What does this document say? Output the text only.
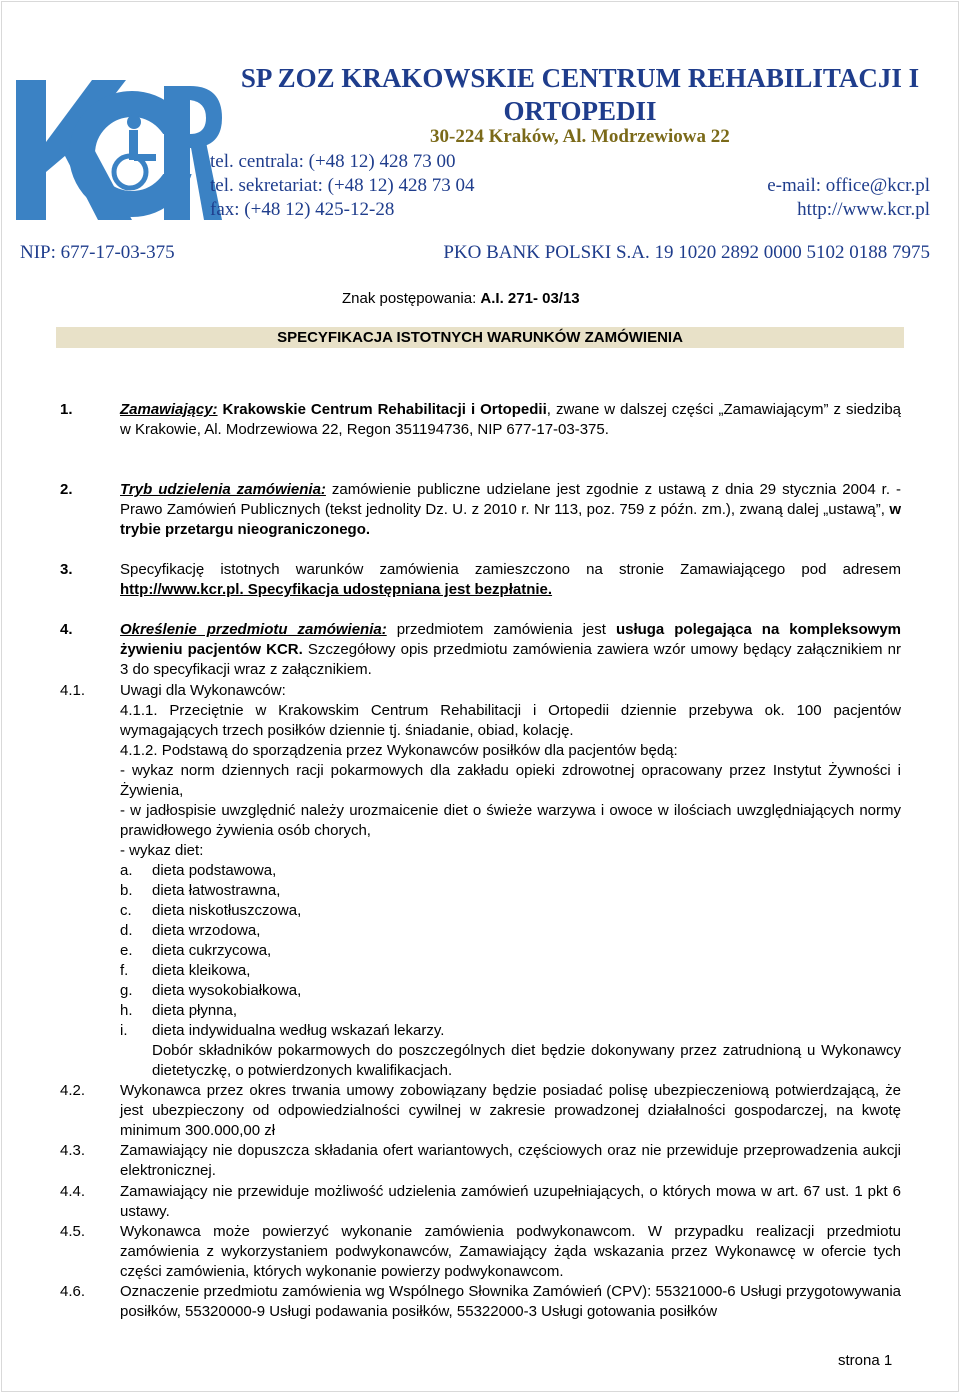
SP ZOZ KRAKOWSKIE CENTRUM REHABILITACJI I
ORTOPEDII
30-224 Kraków, Al. Modrzewiowa 22
tel. centrala: (+48 12) 428 73 00
tel. sekretariat: (+48 12) 428 73 04
fax: (+48 12) 425-12-28
e-mail: office@kcr.pl
http://www.kcr.pl
NIP: 677-17-03-375	PKO BANK POLSKI S.A. 19 1020 2892 0000 5102 0188 7975
Znak postępowania: A.I. 271- 03/13
SPECYFIKACJA ISTOTNYCH WARUNKÓW ZAMÓWIENIA
1.	Zamawiający: Krakowskie Centrum Rehabilitacji i Ortopedii, zwane w dalszej części „Zamawiającym” z siedzibą w Krakowie, Al. Modrzewiowa 22, Regon 351194736, NIP 677-17-03-375.
2.	Tryb udzielenia zamówienia: zamówienie publiczne udzielane jest zgodnie z ustawą z dnia 29 stycznia 2004 r. - Prawo Zamówień Publicznych (tekst jednolity Dz. U. z 2010 r. Nr 113, poz. 759 z późn. zm.), zwaną dalej „ustawą”, w trybie przetargu nieograniczonego.
3.	Specyfikację istotnych warunków zamówienia zamieszczono na stronie Zamawiającego pod adresem http://www.kcr.pl. Specyfikacja udostępniana jest bezpłatnie.
4.	Określenie przedmiotu zamówienia: przedmiotem zamówienia jest usługa polegająca na kompleksowym żywieniu pacjentów KCR. Szczegółowy opis przedmiotu zamówienia zawiera wzór umowy będący załącznikiem nr 3 do specyfikacji wraz z załącznikiem.
4.1. Uwagi dla Wykonawców:
4.1.1. Przeciętnie w Krakowskim Centrum Rehabilitacji i Ortopedii dziennie przebywa ok. 100 pacjentów wymagających trzech posiłków dziennie tj. śniadanie, obiad, kolację.
4.1.2. Podstawą do sporządzenia przez Wykonawców posiłków dla pacjentów będą:
- wykaz norm dziennych racji pokarmowych dla zakładu opieki zdrowotnej opracowany przez Instytut Żywności i Żywienia,
- w jadłospisie uwzględnić należy urozmaicenie diet o świeże warzywa i owoce w ilościach uwzględniających normy prawidłowego żywienia osób chorych,
- wykaz diet:
a. dieta podstawowa,
b. dieta łatwostrawna,
c. dieta niskotłuszczowa,
d. dieta wrzodowa,
e. dieta cukrzycowa,
f. dieta kleikowa,
g. dieta wysokobiałkowa,
h. dieta płynna,
i. dieta indywidualna według wskazań lekarzy.
Dobór składników pokarmowych do poszczególnych diet będzie dokonywany przez zatrudnioną u Wykonawcy dietetyczkę, o potwierdzonych kwalifikacjach.
4.2. Wykonawca przez okres trwania umowy zobowiązany będzie posiadać polisę ubezpieczeniową potwierdzającą, że jest ubezpieczony od odpowiedzialności cywilnej w zakresie prowadzonej działalności gospodarczej, na kwotę minimum 300.000,00 zł
4.3. Zamawiający nie dopuszcza składania ofert wariantowych, częściowych oraz nie przewiduje przeprowadzenia aukcji elektronicznej.
4.4. Zamawiający nie przewiduje możliwość udzielenia zamówień uzupełniających, o których mowa w art. 67 ust. 1 pkt 6 ustawy.
4.5. Wykonawca może powierzyć wykonanie zamówienia podwykonawcom. W przypadku realizacji przedmiotu zamówienia z wykorzystaniem podwykonawców, Zamawiający żąda wskazania przez Wykonawcę w ofercie tych części zamówienia, których wykonanie powierzy podwykonawcom.
4.6. Oznaczenie przedmiotu zamówienia wg Wspólnego Słownika Zamówień (CPV): 55321000-6 Usługi przygotowywania posiłków, 55320000-9 Usługi podawania posiłków, 55322000-3 Usługi gotowania posiłków
strona 1
